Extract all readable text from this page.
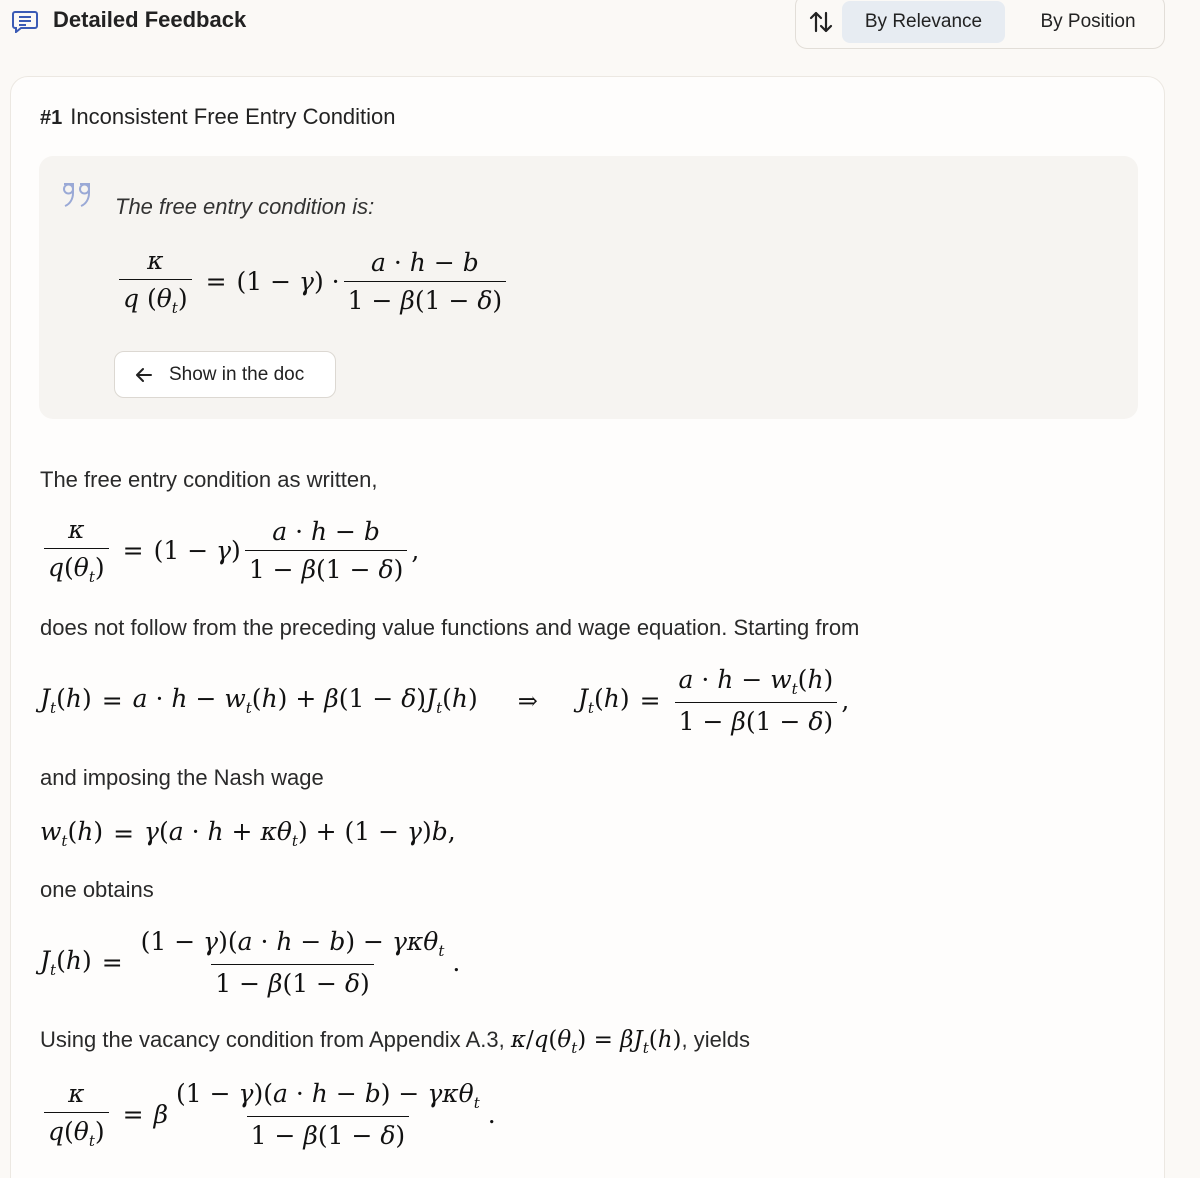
Detailed Feedback	By Relevance	By Position
#1 Inconsistent Free Entry Condition
The free entry condition is:
$\frac{\kappa}{q (\theta_t)} = (1 - \gamma) \cdot \frac{a \cdot h - b}{1 - \beta(1 - \delta)}$
Show in the doc
The free entry condition as written,
$\frac{\kappa}{q(\theta_t)} = (1 - \gamma) \frac{a \cdot h - b}{1 - \beta(1 - \delta)}$ ,
does not follow from the preceding value functions and wage equation. Starting from
$J_t(h) = a \cdot h - w_t(h) + \beta(1 - \delta)J_t(h)$ ⇒ $J_t(h) = \frac{a \cdot h - w_t(h)}{1 - \beta(1 - \delta)}$ ,
and imposing the Nash wage
$w_t(h) = \gamma(a \cdot h + \kappa\theta_t) + (1 - \gamma)b$,
one obtains
$J_t(h) = \frac{(1 - \gamma)(a \cdot h - b) - \gamma\kappa\theta_t}{1 - \beta(1 - \delta)}$ .
Using the vacancy condition from Appendix A.3, $\kappa/q(\theta_t) = \beta J_t(h)$, yields
$\frac{\kappa}{q(\theta_t)} = \beta \frac{(1 - \gamma)(a \cdot h - b) - \gamma\kappa\theta_t}{1 - \beta(1 - \delta)}$ .
